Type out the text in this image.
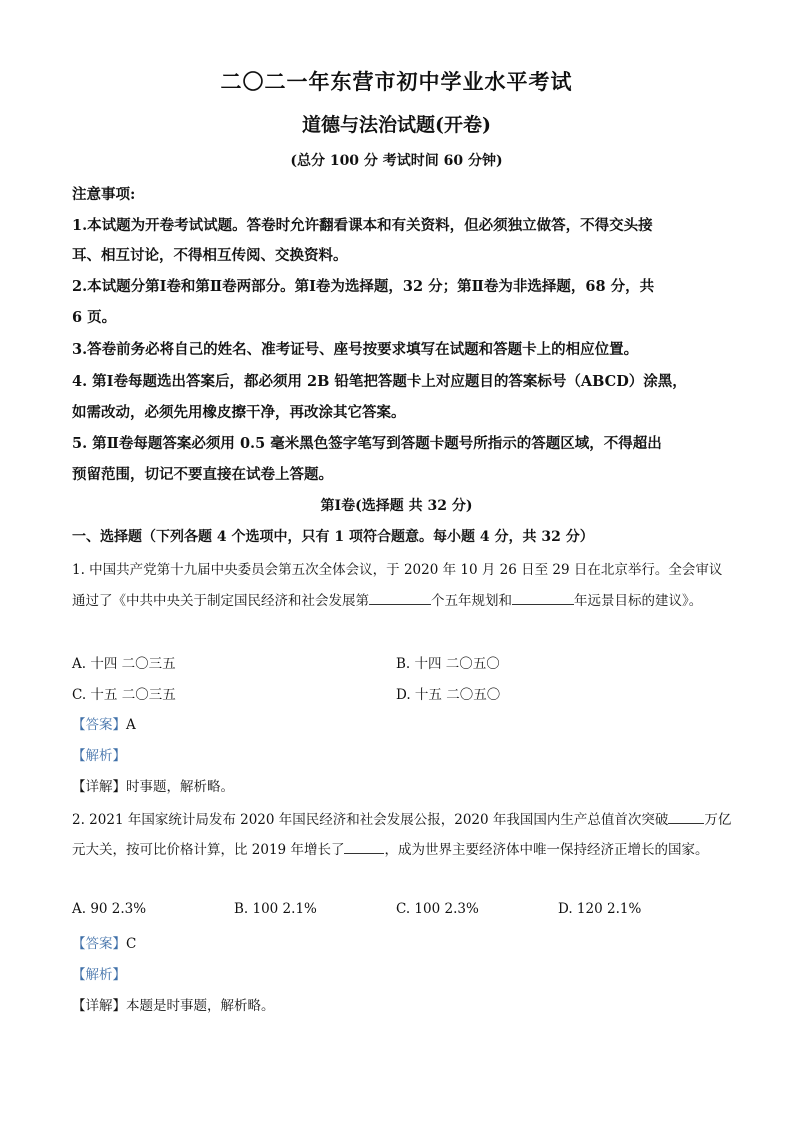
二〇二一年东营市初中学业水平考试
道德与法治试题(开卷)
(总分 100 分 考试时间 60 分钟)
注意事项:
1.本试题为开卷考试试题。答卷时允许翻看课本和有关资料，但必须独立做答，不得交头接
耳、相互讨论，不得相互传阅、交换资料。
2.本试题分第Ⅰ卷和第Ⅱ卷两部分。第Ⅰ卷为选择题，32 分；第Ⅱ卷为非选择题，68 分，共
6 页。
3.答卷前务必将自己的姓名、准考证号、座号按要求填写在试题和答题卡上的相应位置。
4. 第Ⅰ卷每题选出答案后，都必须用 2B 铅笔把答题卡上对应题目的答案标号（ABCD）涂黑，
如需改动，必须先用橡皮擦干净，再改涂其它答案。
5. 第Ⅱ卷每题答案必须用 0.5 毫米黑色签字笔写到答题卡题号所指示的答题区域，不得超出
预留范围，切记不要直接在试卷上答题。
第Ⅰ卷(选择题 共 32 分)
一、选择题（下列各题 4 个选项中，只有 1 项符合题意。每小题 4 分，共 32 分）
1. 中国共产党第十九届中央委员会第五次全体会议，于 2020 年 10 月 26 日至 29 日在北京举行。全会审议
通过了《中共中央关于制定国民经济和社会发展第	个五年规划和	年远景目标的建议》。
A. 十四 二〇三五	B. 十四 二〇五〇
C. 十五 二〇三五	D. 十五 二〇五〇
【答案】A
【解析】
【详解】时事题，解析略。
2. 2021 年国家统计局发布 2020 年国民经济和社会发展公报，2020 年我国国内生产总值首次突破	万亿
元大关，按可比价格计算，比 2019 年增长了	，成为世界主要经济体中唯一保持经济正增长的国家。
A. 90 2.3%	B. 100 2.1%	C. 100 2.3%	D. 120 2.1%
【答案】C
【解析】
【详解】本题是时事题，解析略。
